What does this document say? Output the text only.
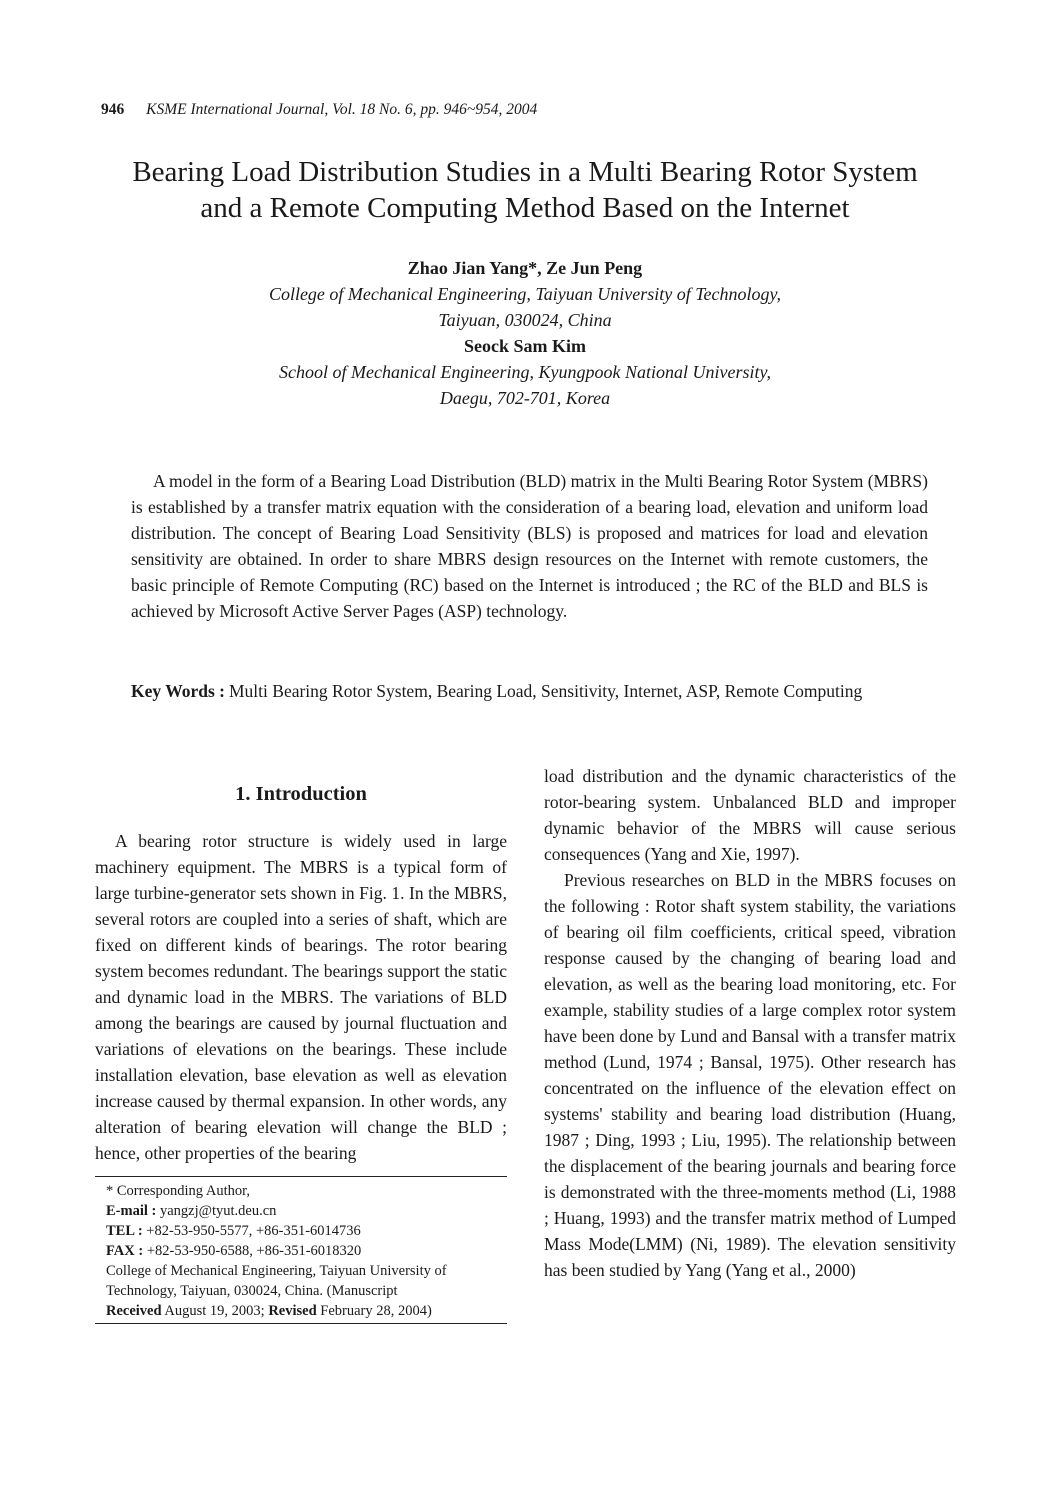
946 KSME International Journal, Vol. 18 No. 6, pp. 946~954, 2004
Bearing Load Distribution Studies in a Multi Bearing Rotor System
and a Remote Computing Method Based on the Internet
Zhao Jian Yang*, Ze Jun Peng
College of Mechanical Engineering, Taiyuan University of Technology,
Taiyuan, 030024, China
Seock Sam Kim
School of Mechanical Engineering, Kyungpook National University,
Daegu, 702-701, Korea

A model in the form of a Bearing Load Distribution (BLD) matrix in the Multi Bearing Rotor System (MBRS) is established by a transfer matrix equation with the consideration of a bearing load, elevation and uniform load distribution. The concept of Bearing Load Sensitivity (BLS) is proposed and matrices for load and elevation sensitivity are obtained. In order to share MBRS design resources on the Internet with remote customers, the basic principle of Remote Computing (RC) based on the Internet is introduced ; the RC of the BLD and BLS is achieved by Microsoft Active Server Pages (ASP) technology.

Key Words : Multi Bearing Rotor System, Bearing Load, Sensitivity, Internet, ASP, Remote Computing
1. Introduction

A bearing rotor structure is widely used in large machinery equipment. The MBRS is a typical form of large turbine-generator sets shown in Fig. 1. In the MBRS, several rotors are coupled into a series of shaft, which are fixed on different kinds of bearings. The rotor bearing system becomes redundant. The bearings support the static and dynamic load in the MBRS. The variations of BLD among the bearings are caused by journal fluctuation and variations of elevations on the bearings. These include installation elevation, base elevation as well as elevation increase caused by thermal expansion. In other words, any alteration of bearing elevation will change the BLD ; hence, other properties of the bearing

* Corresponding Author,
E-mail : yangzj@tyut.deu.cn
TEL : +82-53-950-5577, +86-351-6014736
FAX : +82-53-950-6588, +86-351-6018320
College of Mechanical Engineering, Taiyuan University of Technology, Taiyuan, 030024, China. (Manuscript
Received August 19, 2003; Revised February 28, 2004)

load distribution and the dynamic characteristics of the rotor-bearing system. Unbalanced BLD and improper dynamic behavior of the MBRS will cause serious consequences (Yang and Xie, 1997).

Previous researches on BLD in the MBRS focuses on the following : Rotor shaft system stability, the variations of bearing oil film coefficients, critical speed, vibration response caused by the changing of bearing load and elevation, as well as the bearing load monitoring, etc. For example, stability studies of a large complex rotor system have been done by Lund and Bansal with a transfer matrix method (Lund, 1974 ; Bansal, 1975). Other research has concentrated on the influence of the elevation effect on systems' stability and bearing load distribution (Huang, 1987 ; Ding, 1993 ; Liu, 1995). The relationship between the displacement of the bearing journals and bearing force is demonstrated with the three-moments method (Li, 1988 ; Huang, 1993) and the transfer matrix method of Lumped Mass Mode(LMM) (Ni, 1989). The elevation sensitivity has been studied by Yang (Yang et al., 2000)
